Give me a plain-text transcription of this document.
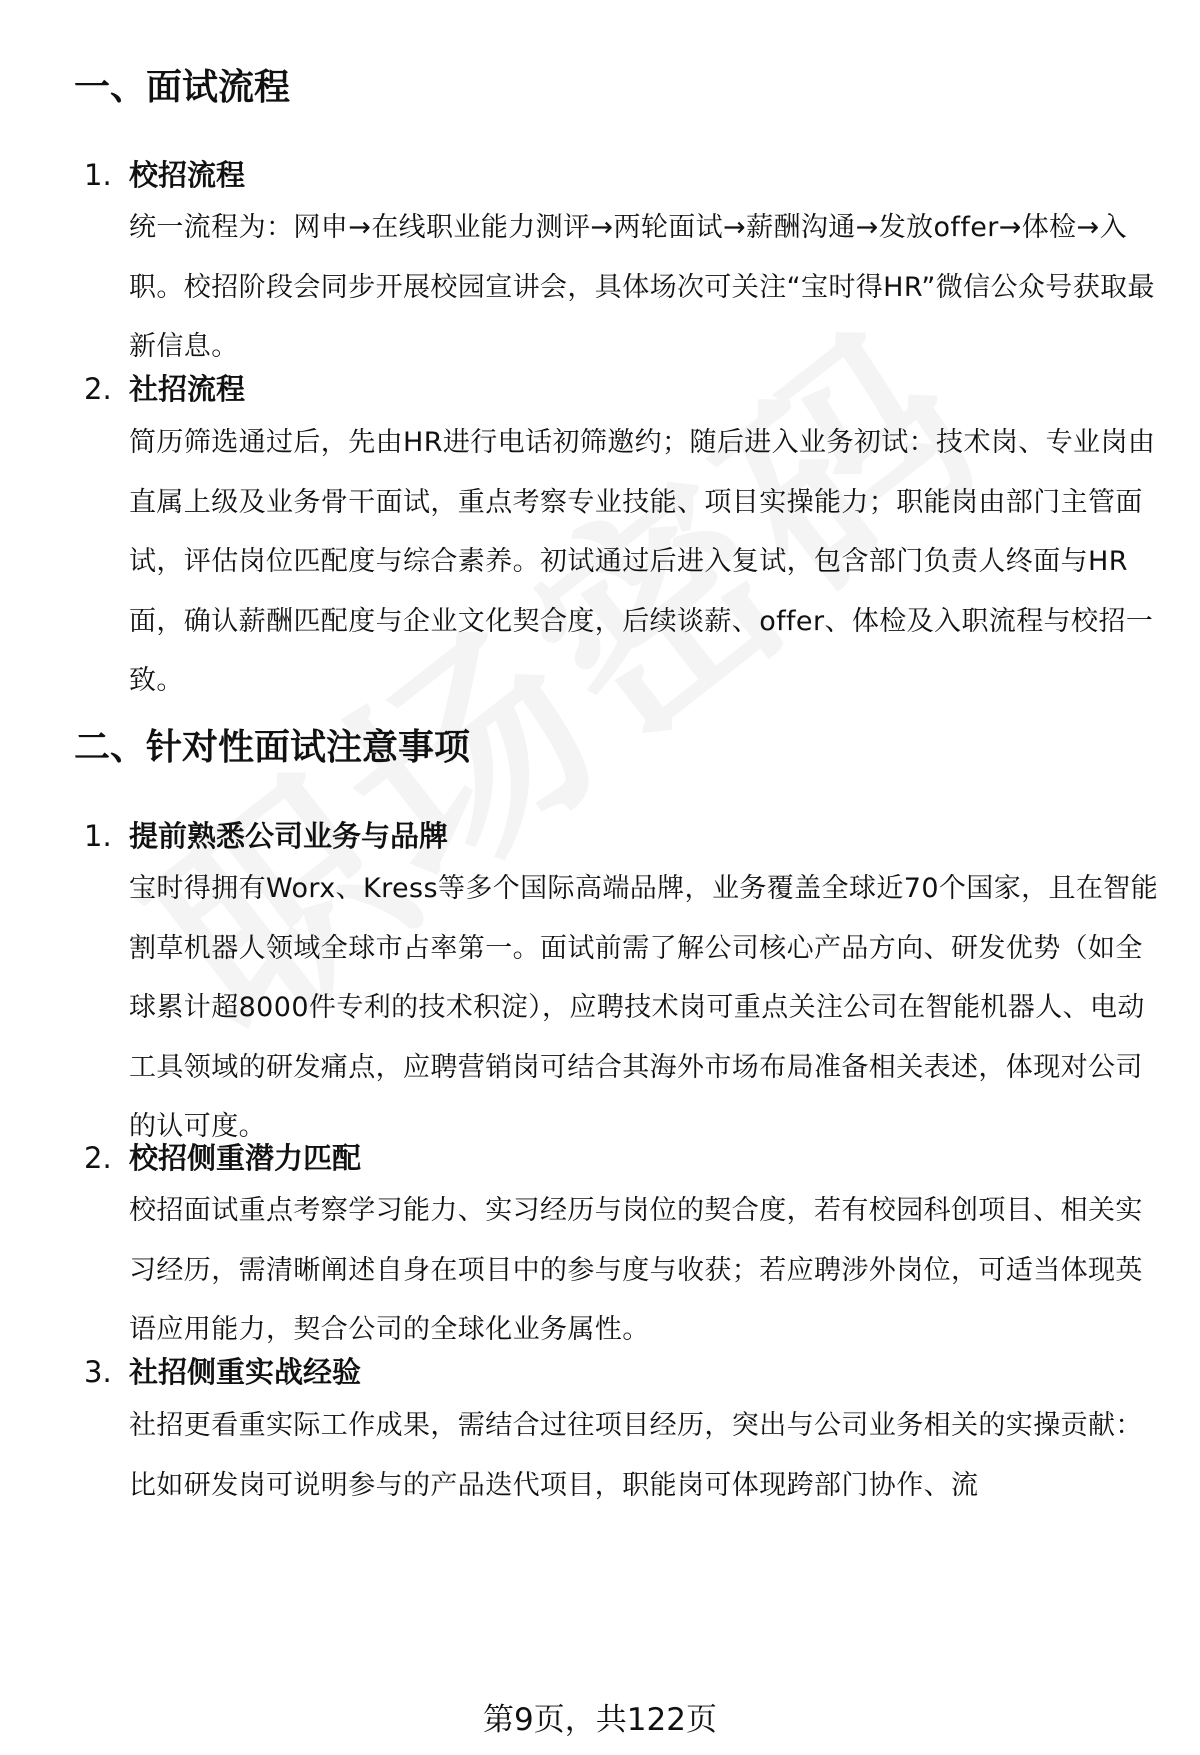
一、面试流程
1. 校招流程

统一流程为：网申→在线职业能力测评→两轮面试→薪酬沟通→发放offer→体检→入职。校招阶段会同步开展校园宣讲会，具体场次可关注“宝时得HR”微信公众号获取最新信息。

2. 社招流程

简历筛选通过后，先由HR进行电话初筛邀约；随后进入业务初试：技术岗、专业岗由直属上级及业务骨干面试，重点考察专业技能、项目实操能力；职能岗由部门主管面试，评估岗位匹配度与综合素养。初试通过后进入复试，包含部门负责人终面与HR面，确认薪酬匹配度与企业文化契合度，后续谈薪、offer、体检及入职流程与校招一致。

二、针对性面试注意事项
1. 提前熟悉公司业务与品牌

宝时得拥有Worx、Kress等多个国际高端品牌，业务覆盖全球近70个国家，且在智能割草机器人领域全球市占率第一。面试前需了解公司核心产品方向、研发优势（如全球累计超8000件专利的技术积淀），应聘技术岗可重点关注公司在智能机器人、电动工具领域的研发痛点，应聘营销岗可结合其海外市场布局准备相关表述，体现对公司的认可度。

2. 校招侧重潜力匹配

校招面试重点考察学习能力、实习经历与岗位的契合度，若有校园科创项目、相关实习经历，需清晰阐述自身在项目中的参与度与收获；若应聘涉外岗位，可适当体现英语应用能力，契合公司的全球化业务属性。

3. 社招侧重实战经验

社招更看重实际工作成果，需结合过往项目经历，突出与公司业务相关的实操贡献：比如研发岗可说明参与的产品迭代项目，职能岗可体现跨部门协作、流

第9页，共122页
